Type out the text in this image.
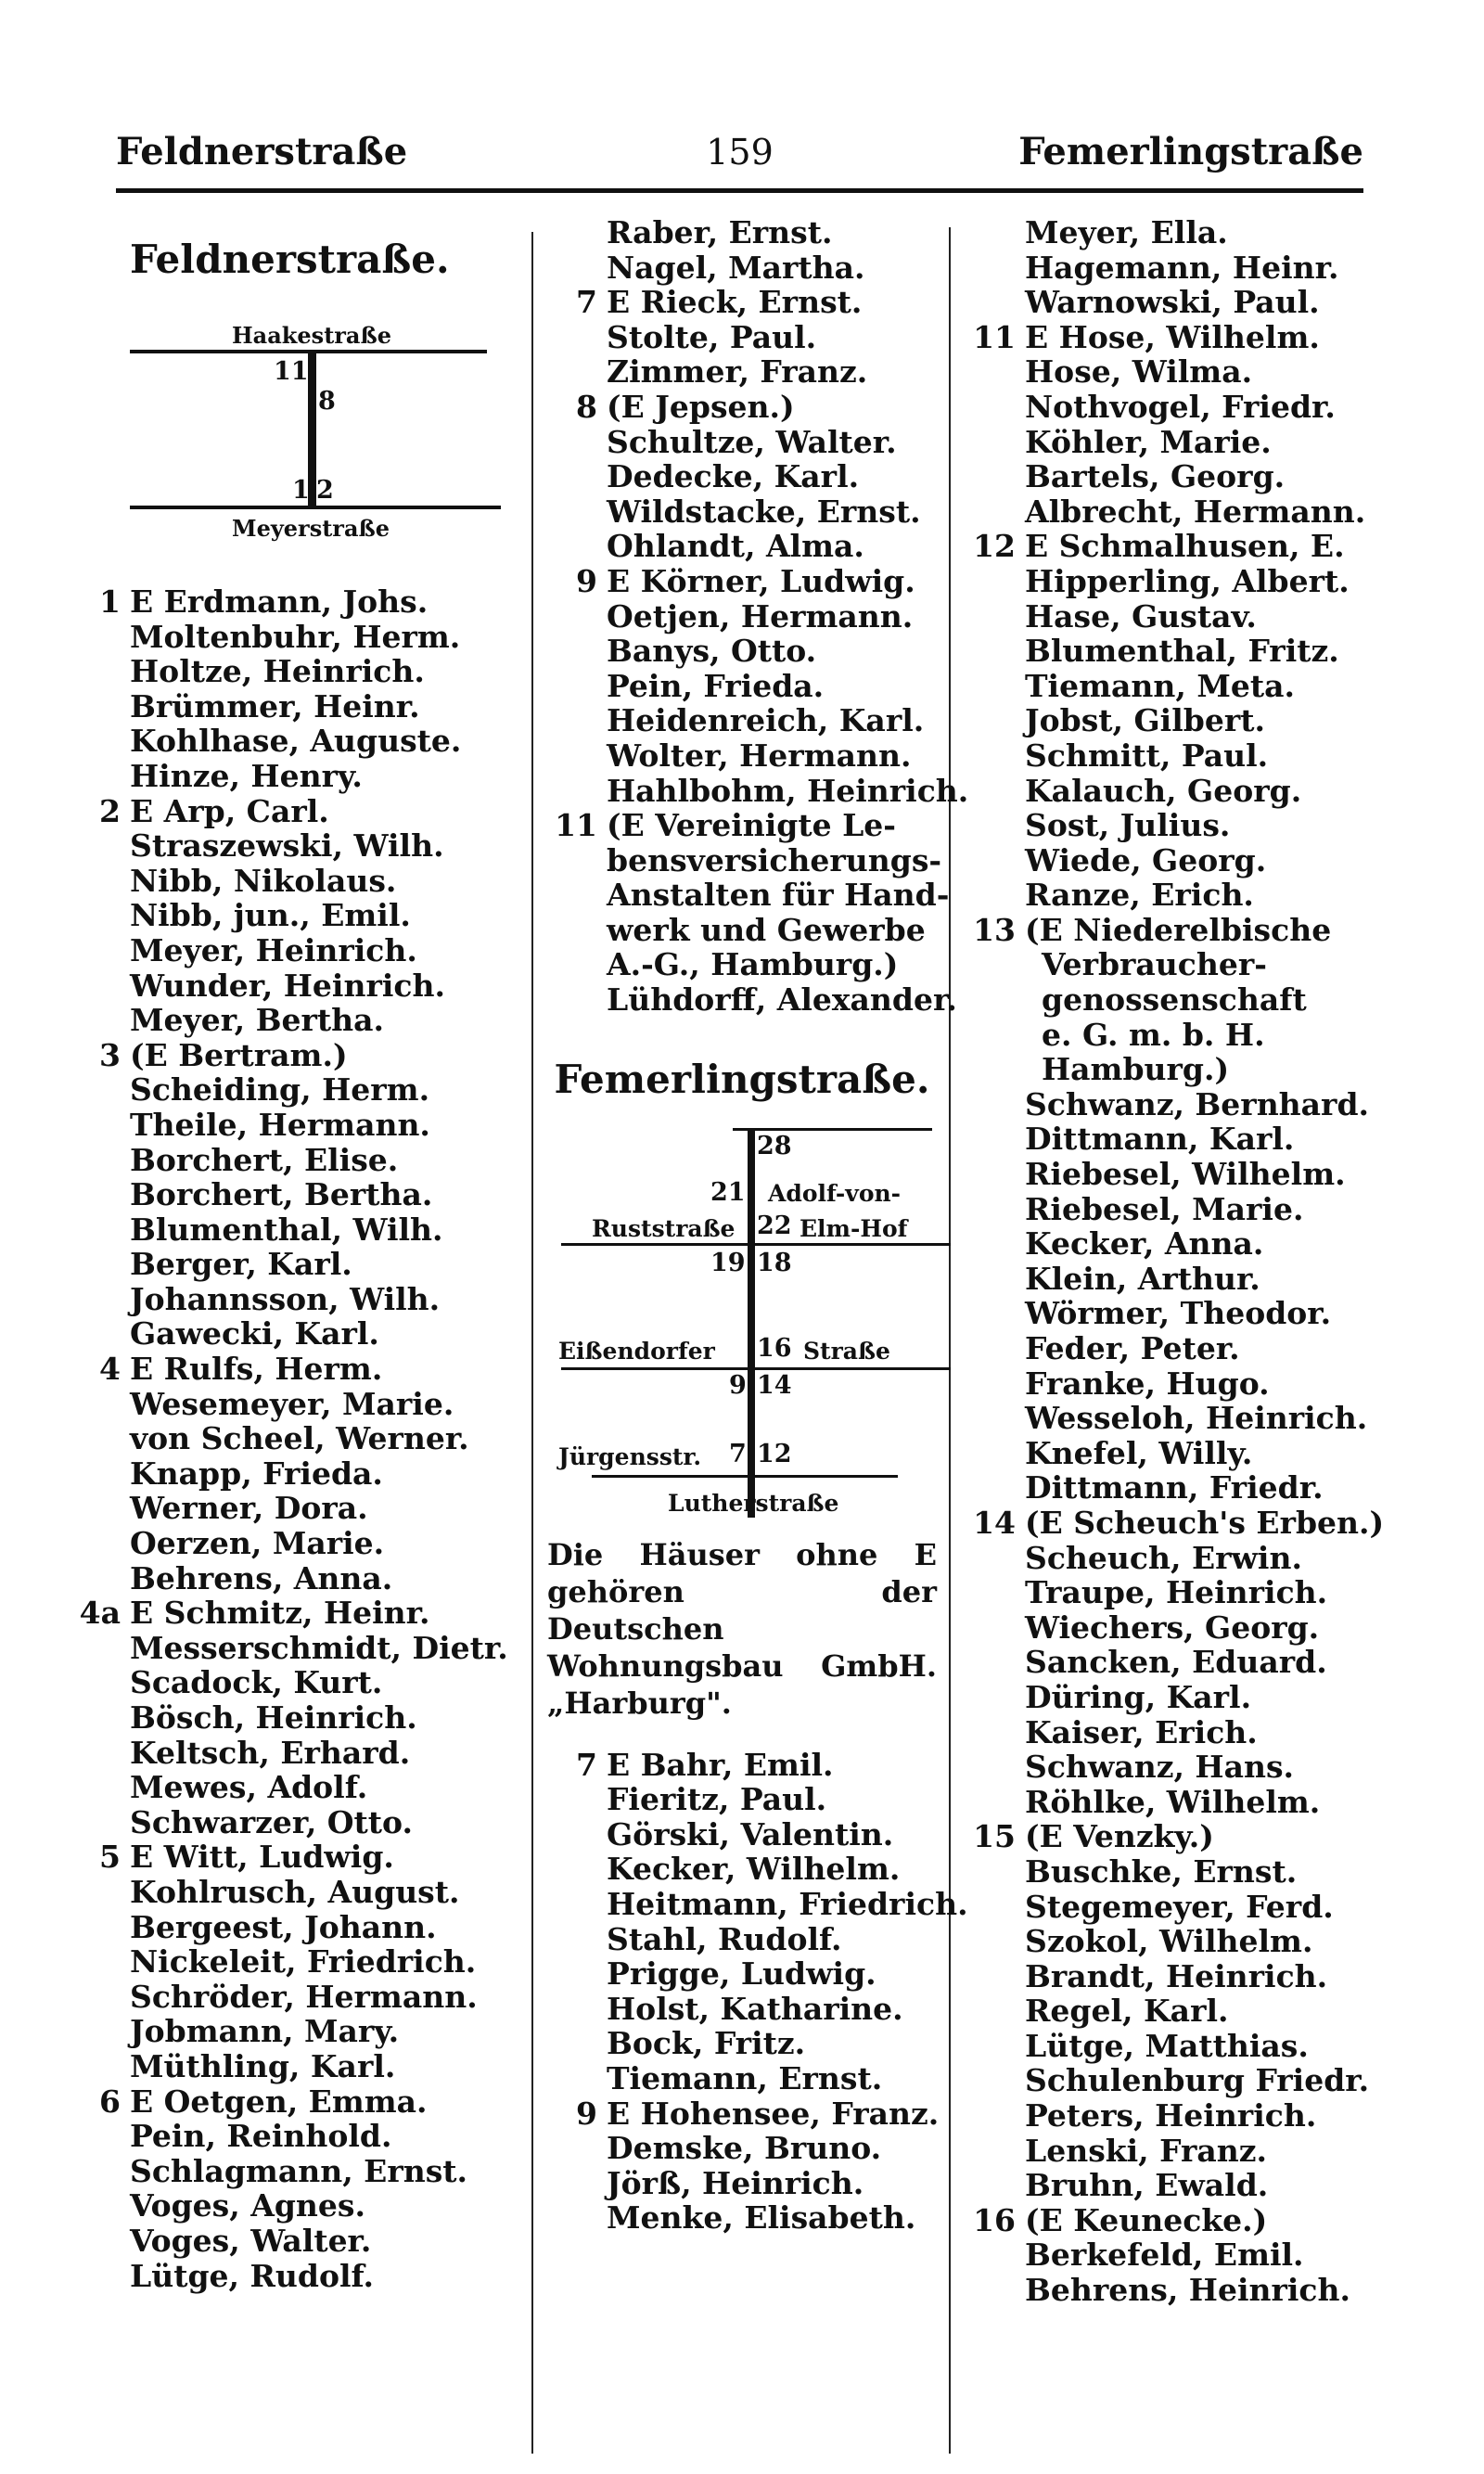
Feldnerstraße	159	Femerlingstraße
Feldnerstraße.
Haakestraße
11
8
1 2
Meyerstraße
1 E Erdmann, Johs.
Moltenbuhr, Herm.
Holtze, Heinrich.
Brümmer, Heinr.
Kohlhase, Auguste.
Hinze, Henry.
2 E Arp, Carl.
Straszewski, Wilh.
Nibb, Nikolaus.
Nibb, jun., Emil.
Meyer, Heinrich.
Wunder, Heinrich.
Meyer, Bertha.
3 (E Bertram.)
Scheiding, Herm.
Theile, Hermann.
Borchert, Elise.
Borchert, Bertha.
Blumenthal, Wilh.
Berger, Karl.
Johannsson, Wilh.
Gawecki, Karl.
4 E Rulfs, Herm.
Wesemeyer, Marie.
von Scheel, Werner.
Knapp, Frieda.
Werner, Dora.
Oerzen, Marie.
Behrens, Anna.
4a E Schmitz, Heinr.
Messerschmidt, Dietr.
Scadock, Kurt.
Bösch, Heinrich.
Keltsch, Erhard.
Mewes, Adolf.
Schwarzer, Otto.
5 E Witt, Ludwig.
Kohlrusch, August.
Bergeest, Johann.
Nickeleit, Friedrich.
Schröder, Hermann.
Jobmann, Mary.
Müthling, Karl.
6 E Oetgen, Emma.
Pein, Reinhold.
Schlagmann, Ernst.
Voges, Agnes.
Voges, Walter.
Lütge, Rudolf.
Raber, Ernst.
Nagel, Martha.
7 E Rieck, Ernst.
Stolte, Paul.
Zimmer, Franz.
8 (E Jepsen.)
Schultze, Walter.
Dedecke, Karl.
Wildstacke, Ernst.
Ohlandt, Alma.
9 E Körner, Ludwig.
Oetjen, Hermann.
Banys, Otto.
Pein, Frieda.
Heidenreich, Karl.
Wolter, Hermann.
Hahlbohm, Heinrich.
11 (E Vereinigte Le-
bensversicherungs-
Anstalten für Hand-
werk und Gewerbe
A.-G., Hamburg.)
Lühdorff, Alexander.
Femerlingstraße.
28
21 Adolf-von-
Ruststraße 22 Elm-Hof
19 18
Eißendorfer 16 Straße
9 14
Jürgensstr. 7 12
Lutherstraße
Die Häuser ohne E gehören der Deutschen Wohnungsbau GmbH. „Harburg".
7 E Bahr, Emil.
Fieritz, Paul.
Görski, Valentin.
Kecker, Wilhelm.
Heitmann, Friedrich.
Stahl, Rudolf.
Prigge, Ludwig.
Holst, Katharine.
Bock, Fritz.
Tiemann, Ernst.
9 E Hohensee, Franz.
Demske, Bruno.
Jörß, Heinrich.
Menke, Elisabeth.
Meyer, Ella.
Hagemann, Heinr.
Warnowski, Paul.
11 E Hose, Wilhelm.
Hose, Wilma.
Nothvogel, Friedr.
Köhler, Marie.
Bartels, Georg.
Albrecht, Hermann.
12 E Schmalhusen, E.
Hipperling, Albert.
Hase, Gustav.
Blumenthal, Fritz.
Tiemann, Meta.
Jobst, Gilbert.
Schmitt, Paul.
Kalauch, Georg.
Sost, Julius.
Wiede, Georg.
Ranze, Erich.
13 (E Niederelbische
Verbraucher-
genossenschaft
e. G. m. b. H.
Hamburg.)
Schwanz, Bernhard.
Dittmann, Karl.
Riebesel, Wilhelm.
Riebesel, Marie.
Kecker, Anna.
Klein, Arthur.
Wörmer, Theodor.
Feder, Peter.
Franke, Hugo.
Wesseloh, Heinrich.
Knefel, Willy.
Dittmann, Friedr.
14 (E Scheuch's Erben.)
Scheuch, Erwin.
Traupe, Heinrich.
Wiechers, Georg.
Sancken, Eduard.
Düring, Karl.
Kaiser, Erich.
Schwanz, Hans.
Röhlke, Wilhelm.
15 (E Venzky.)
Buschke, Ernst.
Stegemeyer, Ferd.
Szokol, Wilhelm.
Brandt, Heinrich.
Regel, Karl.
Lütge, Matthias.
Schulenburg Friedr.
Peters, Heinrich.
Lenski, Franz.
Bruhn, Ewald.
16 (E Keunecke.)
Berkefeld, Emil.
Behrens, Heinrich.
